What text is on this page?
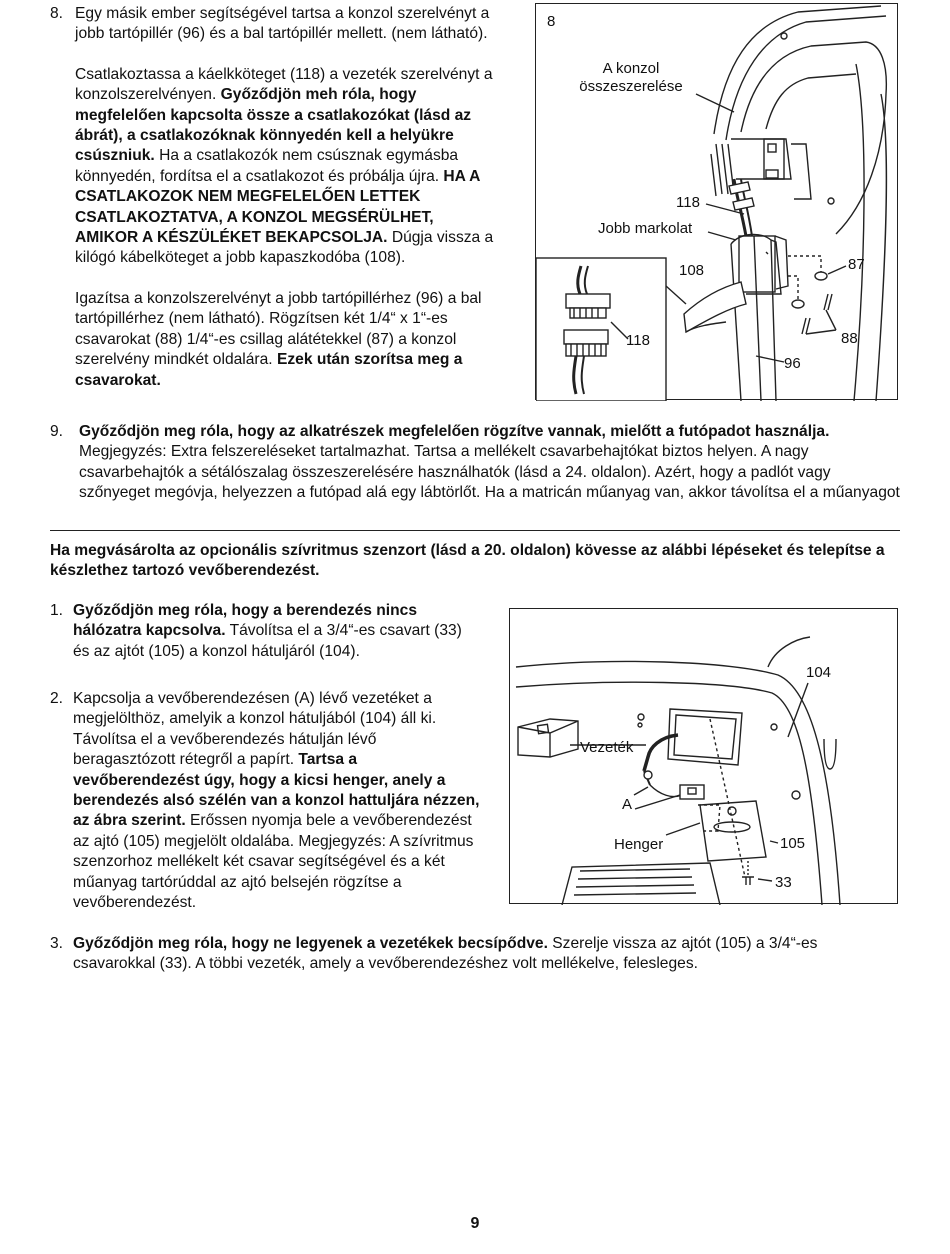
8. Egy másik ember segítségével tartsa a konzol szerelvényt a jobb tartópillér (96) és a bal tartópillér mellett. (nem látható).

Csatlakoztassa a káelkköteget (118) a vezeték szerelvényt a konzolszerelvényen. Győződjön meh róla, hogy megfelelően kapcsolta össze a csatlakozókat (lásd az ábrát), a csatlakozóknak könnyedén kell a helyükre csúszniuk. Ha a csatlakozók nem csúsznak egymásba könnyedén, fordítsa el a csatlakozot és próbálja újra. HA A CSATLAKOZOK NEM MEGFELELŐEN LETTEK CSATLAKOZTATVA, A KONZOL MEGSÉRÜLHET, AMIKOR A KÉSZÜLÉKET BEKAPCSOLJA. Dúgja vissza a kilógó kábelköteget a jobb kapaszkodóba (108).

Igazítsa a konzolszerelvényt a jobb tartópillérhez (96) a bal tartópillérhez (nem látható). Rögzítsen két 1/4“ x 1“-es csavarokat (88) 1/4“-es csillag alátétekkel (87) a konzol szerelvény mindkét oldalára. Ezek után szorítsa meg a csavarokat.

8
A konzol összeszerelése
118
Jobb markolat
108	87
88
96
118
9. Győződjön meg róla, hogy az alkatrészek megfelelően rögzítve vannak, mielőtt a futópadot használja. Megjegyzés: Extra felszereléseket tartalmazhat. Tartsa a mellékelt csavarbehajtókat biztos helyen. A nagy csavarbehajtók a sétálószalag összeszerelésére használhatók (lásd a 24. oldalon). Azért, hogy a padlót vagy szőnyeget megóvja, helyezzen a futópad alá egy lábtörlőt. Ha a matricán műanyag van, akkor távolítsa el a műanyagot

Ha megvásárolta az opcionális szívritmus szenzort (lásd a 20. oldalon) kövesse az alábbi lépéseket és telepítse a készlethez tartozó vevőberendezést.

1. Győződjön meg róla, hogy a berendezés nincs hálózatra kapcsolva. Távolítsa el a 3/4“-es csavart (33) és az ajtót (105) a konzol hátuljáról (104).

2. Kapcsolja a vevőberendezésen (A) lévő vezetéket a megjelölthöz, amelyik a konzol hátuljából (104) áll ki. Távolítsa el a vevőberendezés hátulján lévő beragasztózott rétegről a papírt. Tartsa a vevőberendezést úgy, hogy a kicsi henger, anely a berendezés alsó szélén van a konzol hattuljára nézzen, az ábra szerint. Erőssen nyomja bele a vevőberendezést az ajtó (105) megjelölt oldalába. Megjegyzés: A szívritmus szenzorhoz mellékelt két csavar segítségével és a két műanyag tartórúddal az ajtó belsején rögzítse a vevőberendezést.

104
Vezeték
A
Henger	105
33
3. Győződjön meg róla, hogy ne legyenek a vezetékek becsípődve. Szerelje vissza az ajtót (105) a 3/4“-es csavarokkal (33). A többi vezeték, amely a vevőberendezéshez volt mellékelve, felesleges.

9
